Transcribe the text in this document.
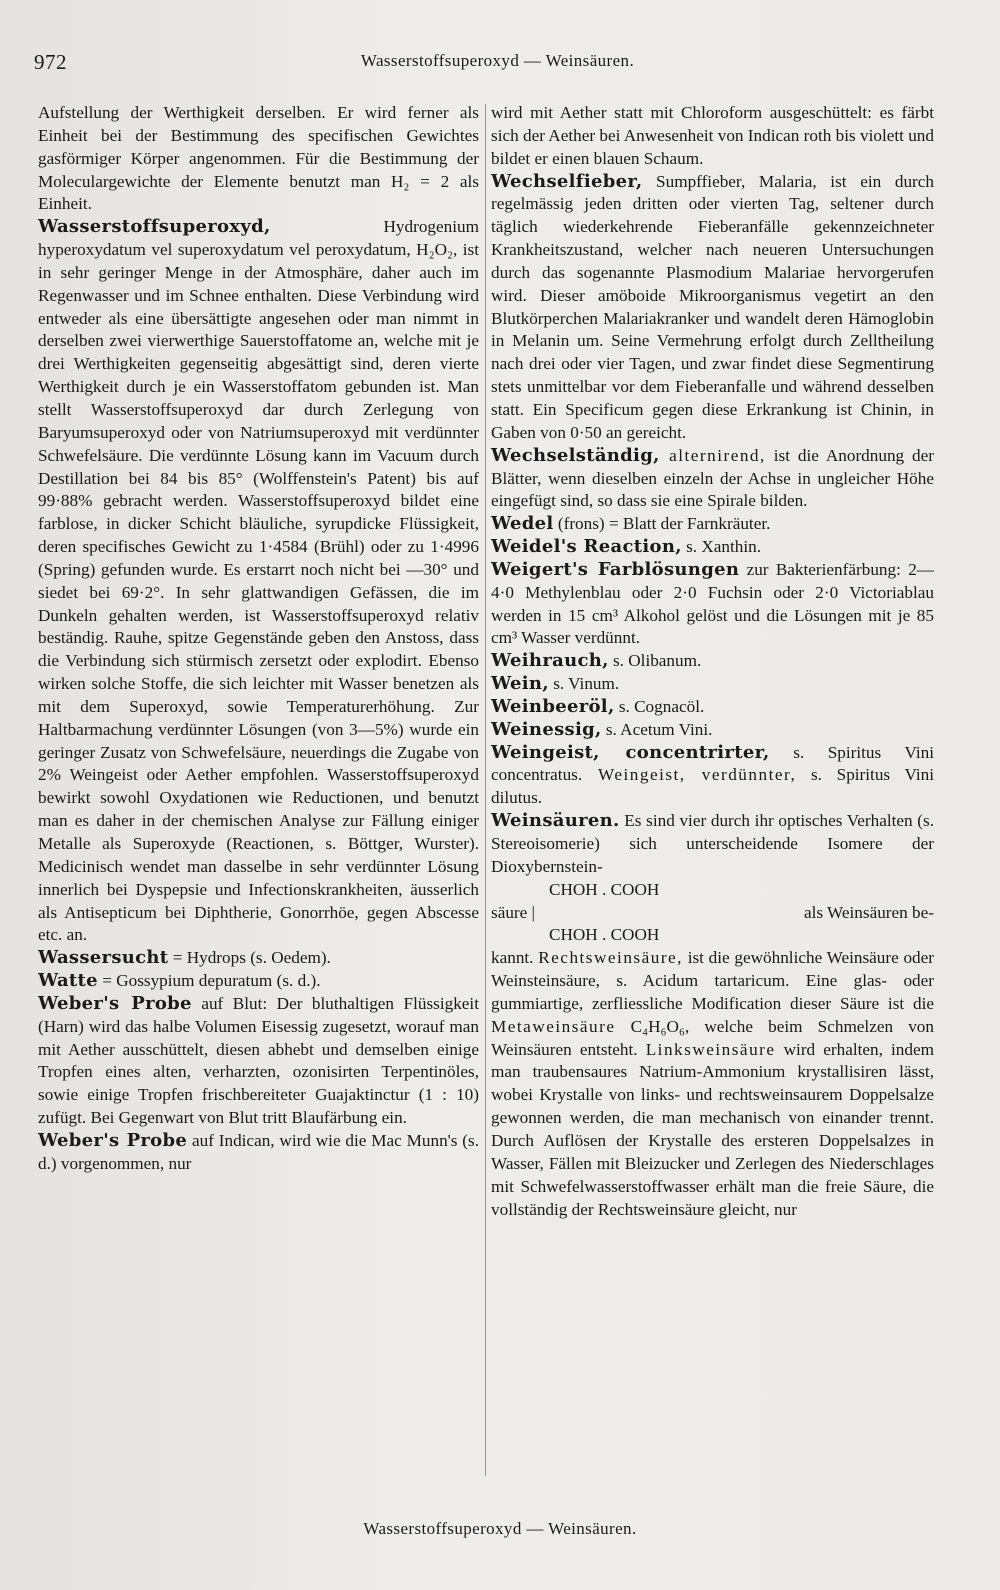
972	Wasserstoffsuperoxyd — Weinsäuren.

Aufstellung der Werthigkeit derselben. Er wird ferner als Einheit bei der Bestimmung des specifischen Gewichtes gasförmiger Körper angenommen. Für die Bestimmung der Moleculargewichte der Elemente benutzt man H₂ = 2 als Einheit.

Wasserstoffsuperoxyd, Hydrogenium hyperoxydatum vel superoxydatum vel peroxydatum, H₂O₂, ist in sehr geringer Menge in der Atmosphäre, daher auch im Regenwasser und im Schnee enthalten. Diese Verbindung wird entweder als eine übersättigte angesehen oder man nimmt in derselben zwei vierwerthige Sauerstoffatome an, welche mit je drei Werthigkeiten gegenseitig abgesättigt sind, deren vierte Werthigkeit durch je ein Wasserstoffatom gebunden ist. Man stellt Wasserstoffsuperoxyd dar durch Zerlegung von Baryumsuperoxyd oder von Natriumsuperoxyd mit verdünnter Schwefelsäure. Die verdünnte Lösung kann im Vacuum durch Destillation bei 84 bis 85° (Wolffenstein's Patent) bis auf 99·88% gebracht werden. Wasserstoffsuperoxyd bildet eine farblose, in dicker Schicht bläuliche, syrupdicke Flüssigkeit, deren specifisches Gewicht zu 1·4584 (Brühl) oder zu 1·4996 (Spring) gefunden wurde. Es erstarrt noch nicht bei —30° und siedet bei 69·2°. In sehr glattwandigen Gefässen, die im Dunkeln gehalten werden, ist Wasserstoffsuperoxyd relativ beständig. Rauhe, spitze Gegenstände geben den Anstoss, dass die Verbindung sich stürmisch zersetzt oder explodirt. Ebenso wirken solche Stoffe, die sich leichter mit Wasser benetzen als mit dem Superoxyd, sowie Temperaturerhöhung. Zur Haltbarmachung verdünnter Lösungen (von 3—5%) wurde ein geringer Zusatz von Schwefelsäure, neuerdings die Zugabe von 2% Weingeist oder Aether empfohlen. Wasserstoffsuperoxyd bewirkt sowohl Oxydationen wie Reductionen, und benutzt man es daher in der chemischen Analyse zur Fällung einiger Metalle als Superoxyde (Reactionen, s. Böttger, Wurster). Medicinisch wendet man dasselbe in sehr verdünnter Lösung innerlich bei Dyspepsie und Infectionskrankheiten, äusserlich als Antisepticum bei Diphtherie, Gonorrhöe, gegen Abscesse etc. an.

Wassersucht = Hydrops (s. Oedem).

Watte = Gossypium depuratum (s. d.).

Weber's Probe auf Blut: Der bluthaltigen Flüssigkeit (Harn) wird das halbe Volumen Eisessig zugesetzt, worauf man mit Aether ausschüttelt, diesen abhebt und demselben einige Tropfen eines alten, verharzten, ozonisirten Terpentinöles, sowie einige Tropfen frischbereiteter Guajaktinctur (1 : 10) zufügt. Bei Gegenwart von Blut tritt Blaufärbung ein.

Weber's Probe auf Indican, wird wie die Mac Munn's (s. d.) vorgenommen, nur

wird mit Aether statt mit Chloroform ausgeschüttelt: es färbt sich der Aether bei Anwesenheit von Indican roth bis violett und bildet er einen blauen Schaum.

Wechselfieber, Sumpffieber, Malaria, ist ein durch regelmässig jeden dritten oder vierten Tag, seltener durch täglich wiederkehrende Fieberanfälle gekennzeichneter Krankheitszustand, welcher nach neueren Untersuchungen durch das sogenannte Plasmodium Malariae hervorgerufen wird. Dieser amöboide Mikroorganismus vegetirt an den Blutkörperchen Malariakranker und wandelt deren Hämoglobin in Melanin um. Seine Vermehrung erfolgt durch Zelltheilung nach drei oder vier Tagen, und zwar findet diese Segmentirung stets unmittelbar vor dem Fieberanfalle und während desselben statt. Ein Specificum gegen diese Erkrankung ist Chinin, in Gaben von 0·50 an gereicht.

Wechselständig, alternirend, ist die Anordnung der Blätter, wenn dieselben einzeln der Achse in ungleicher Höhe eingefügt sind, so dass sie eine Spirale bilden.

Wedel (frons) = Blatt der Farnkräuter.

Weidel's Reaction, s. Xanthin.

Weigert's Farblösungen zur Bakterienfärbung: 2—4·0 Methylenblau oder 2·0 Fuchsin oder 2·0 Victoriablau werden in 15 cm³ Alkohol gelöst und die Lösungen mit je 85 cm³ Wasser verdünnt.

Weihrauch, s. Olibanum.

Wein, s. Vinum.

Weinbeeröl, s. Cognacöl.

Weinessig, s. Acetum Vini.

Weingeist, concentrirter, s. Spiritus Vini concentratus. Weingeist, verdünnter, s. Spiritus Vini dilutus.

Weinsäuren. Es sind vier durch ihr optisches Verhalten (s. Stereoisomerie) sich unterscheidende Isomere der Dioxybernstein-

CHOH . COOH
säure |	als Weinsäuren be-
CHOH . COOH

kannt. Rechtsweinsäure, ist die gewöhnliche Weinsäure oder Weinsteinsäure, s. Acidum tartaricum. Eine glas- oder gummiartige, zerfliessliche Modification dieser Säure ist die Metaweinsäure C₄H₆O₆, welche beim Schmelzen von Weinsäuren entsteht. Linksweinsäure wird erhalten, indem man traubensaures Natrium-Ammonium krystallisiren lässt, wobei Krystalle von links- und rechtsweinsaurem Doppelsalze gewonnen werden, die man mechanisch von einander trennt. Durch Auflösen der Krystalle des ersteren Doppelsalzes in Wasser, Fällen mit Bleizucker und Zerlegen des Niederschlages mit Schwefelwasserstoffwasser erhält man die freie Säure, die vollständig der Rechtsweinsäure gleicht, nur

Wasserstoffsuperoxyd — Weinsäuren.
